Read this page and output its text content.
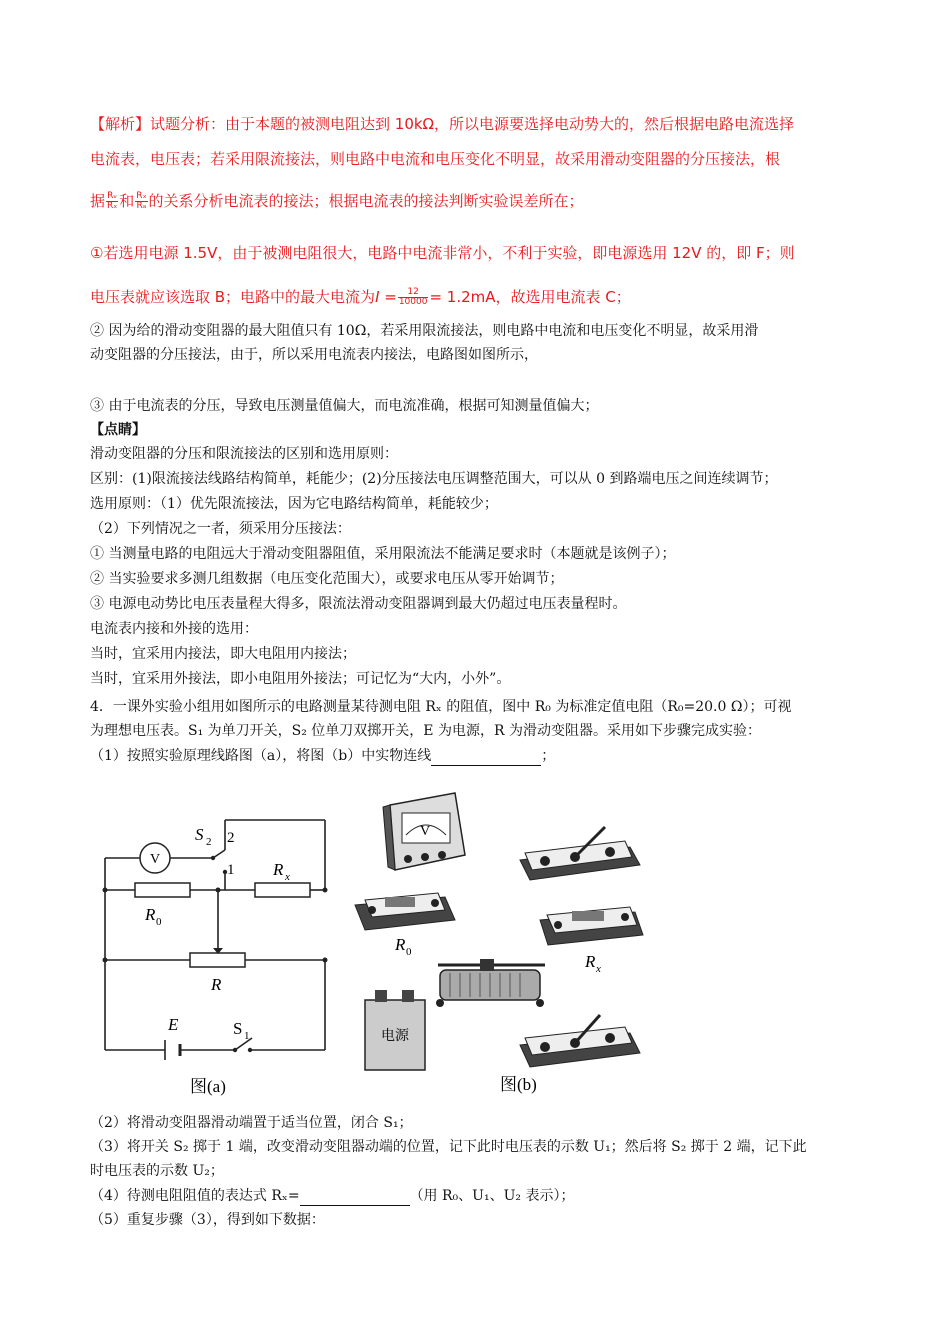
【解析】试题分析：由于本题的被测电阻达到 10kΩ，所以电源要选择电动势大的，然后根据电路电流选择
电流表，电压表；若采用限流接法，则电路中电流和电压变化不明显，故采用滑动变阻器的分压接法，根
据 $\frac{\text{Rᵥ}}{\text{Rₓ}}$ 和 $\frac{\text{Rₓ}}{\text{Rₐ}}$ 的关系分析电流表的接法；根据电流表的接法判断实验误差所在；
①若选用电源 1.5V，由于被测电阻很大，电路中电流非常小，不利于实验，即电源选用 12V 的，即 F；则
电压表就应该选取 B；电路中的最大电流为$I = \frac{12}{10000} = 1.2mA$，故选用电流表 C；
② 因为给的滑动变阻器的最大阻值只有 10Ω，若采用限流接法，则电路中电流和电压变化不明显，故采用滑
动变阻器的分压接法，由于，所以采用电流表内接法，电路图如图所示，
③ 由于电流表的分压，导致电压测量值偏大，而电流准确，根据可知测量值偏大；
【点睛】
滑动变阻器的分压和限流接法的区别和选用原则：
区别：(1)限流接法线路结构简单，耗能少；(2)分压接法电压调整范围大，可以从 0 到路端电压之间连续调节；
选用原则：（1）优先限流接法，因为它电路结构简单，耗能较少；
（2）下列情况之一者，须采用分压接法：
① 当测量电路的电阻远大于滑动变阻器阻值，采用限流法不能满足要求时（本题就是该例子）；
② 当实验要求多测几组数据（电压变化范围大），或要求电压从零开始调节；
③ 电源电动势比电压表量程大得多，限流法滑动变阻器调到最大仍超过电压表量程时。
电流表内接和外接的选用：
当时，宜采用内接法，即大电阻用内接法；
当时，宜采用外接法，即小电阻用外接法；可记忆为“大内，小外”。
4．一课外实验小组用如图所示的电路测量某待测电阻 Rₓ 的阻值，图中 R₀ 为标准定值电阻（R₀=20.0 Ω）；可视
为理想电压表。S₁ 为单刀开关，S₂ 位单刀双掷开关，E 为电源，R 为滑动变阻器。采用如下步骤完成实验：
（1）按照实验原理线路图（a），将图（b）中实物连线	；
V
S 2 2
1 R x
R 0
R
E	S 1
图(a)
V
R 0	R x
电源
图(b)
（2）将滑动变阻器滑动端置于适当位置，闭合 S₁；
（3）将开关 S₂ 掷于 1 端，改变滑动变阻器动端的位置，记下此时电压表的示数 U₁；然后将 S₂ 掷于 2 端，记下此
时电压表的示数 U₂；
（4）待测电阻阻值的表达式 Rₓ=	（用 R₀、U₁、U₂ 表示）；
（5）重复步骤（3），得到如下数据：
